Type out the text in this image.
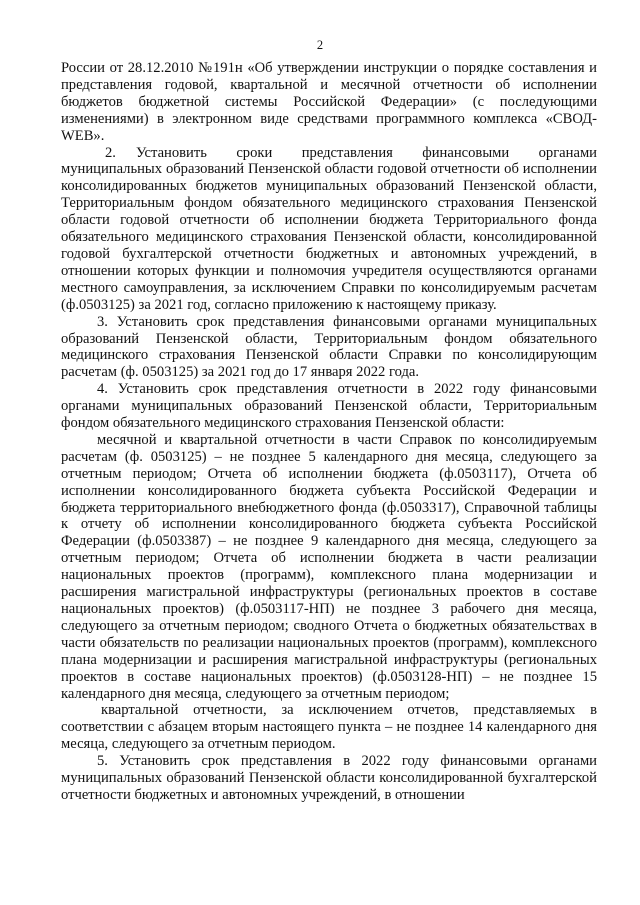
2

России от 28.12.2010 №191н «Об утверждении инструкции о порядке составления и представления годовой, квартальной и месячной отчетности об исполнении бюджетов бюджетной системы Российской Федерации» (с последующими изменениями) в электронном виде средствами программного комплекса «СВОД-WEB».

2. Установить сроки представления финансовыми органами муниципальных образований Пензенской области годовой отчетности об исполнении консолидированных бюджетов муниципальных образований Пензенской области, Территориальным фондом обязательного медицинского страхования Пензенской области годовой отчетности об исполнении бюджета Территориального фонда обязательного медицинского страхования Пензенской области, консолидированной годовой бухгалтерской отчетности бюджетных и автономных учреждений, в отношении которых функции и полномочия учредителя осуществляются органами местного самоуправления, за исключением Справки по консолидируемым расчетам (ф.0503125) за 2021 год, согласно приложению к настоящему приказу.

3. Установить срок представления финансовыми органами муниципальных образований Пензенской области, Территориальным фондом обязательного медицинского страхования Пензенской области Справки по консолидирующим расчетам (ф. 0503125) за 2021 год до 17 января 2022 года.

4. Установить срок представления отчетности в 2022 году финансовыми органами муниципальных образований Пензенской области, Территориальным фондом обязательного медицинского страхования Пензенской области:

месячной и квартальной отчетности в части Справок по консолидируемым расчетам (ф. 0503125) – не позднее 5 календарного дня месяца, следующего за отчетным периодом; Отчета об исполнении бюджета (ф.0503117), Отчета об исполнении консолидированного бюджета субъекта Российской Федерации и бюджета территориального внебюджетного фонда (ф.0503317), Справочной таблицы к отчету об исполнении консолидированного бюджета субъекта Российской Федерации (ф.0503387) – не позднее 9 календарного дня месяца, следующего за отчетным периодом; Отчета об исполнении бюджета в части реализации национальных проектов (программ), комплексного плана модернизации и расширения магистральной инфраструктуры (региональных проектов в составе национальных проектов) (ф.0503117-НП) не позднее 3 рабочего дня месяца, следующего за отчетным периодом; сводного Отчета о бюджетных обязательствах в части обязательств по реализации национальных проектов (программ), комплексного плана модернизации и расширения магистральной инфраструктуры (региональных проектов в составе национальных проектов) (ф.0503128-НП) – не позднее 15 календарного дня месяца, следующего за отчетным периодом;

квартальной отчетности, за исключением отчетов, представляемых в соответствии с абзацем вторым настоящего пункта – не позднее 14 календарного дня месяца, следующего за отчетным периодом.

5. Установить срок представления в 2022 году финансовыми органами муниципальных образований Пензенской области консолидированной бухгалтерской отчетности бюджетных и автономных учреждений, в отношении
